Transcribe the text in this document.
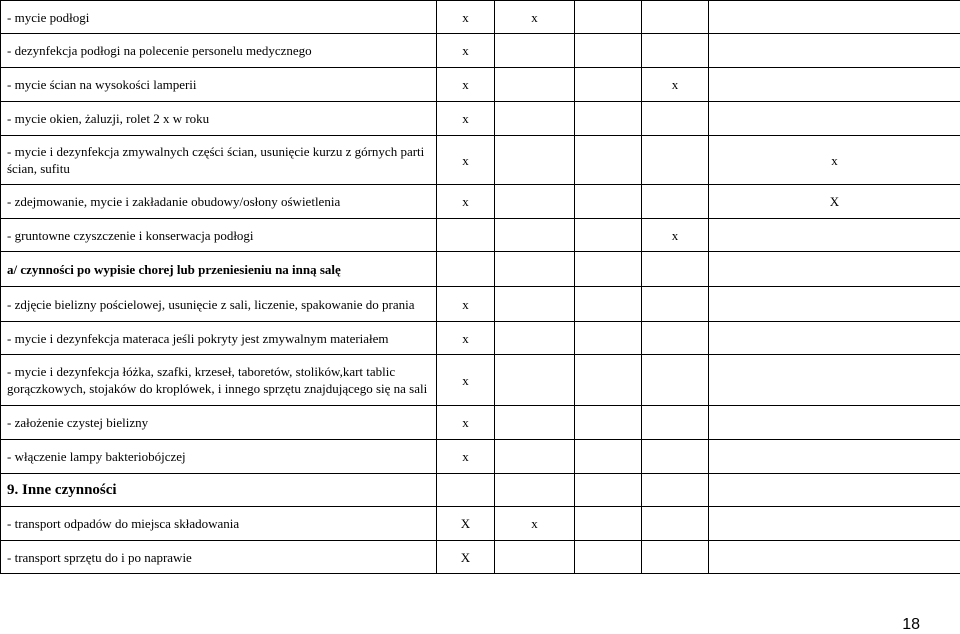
- mycie podłogi	x	x			
- dezynfekcja podłogi na polecenie personelu medycznego	x				
- mycie ścian na wysokości lamperii	x			x	
- mycie okien, żaluzji, rolet 2 x w roku	x				
- mycie i dezynfekcja zmywalnych części ścian, usunięcie kurzu z górnych parti ścian, sufitu	x				x
- zdejmowanie, mycie i zakładanie obudowy/osłony oświetlenia	x				X
- gruntowne czyszczenie i konserwacja podłogi				x	
a/ czynności po wypisie chorej lub przeniesieniu na inną salę					
- zdjęcie bielizny pościelowej, usunięcie z sali, liczenie, spakowanie do prania	x				
- mycie i dezynfekcja materaca jeśli pokryty jest zmywalnym materiałem	x				
- mycie i dezynfekcja łóżka, szafki, krzeseł, taboretów, stolików,kart tablic gorączkowych, stojaków do kroplówek, i innego sprzętu znajdującego się na sali	x				
- założenie czystej bielizny	x				
- włączenie lampy bakteriobójczej	x				
9. Inne czynności					
- transport odpadów do miejsca składowania	X	x			
- transport sprzętu do i po naprawie	X				
18
